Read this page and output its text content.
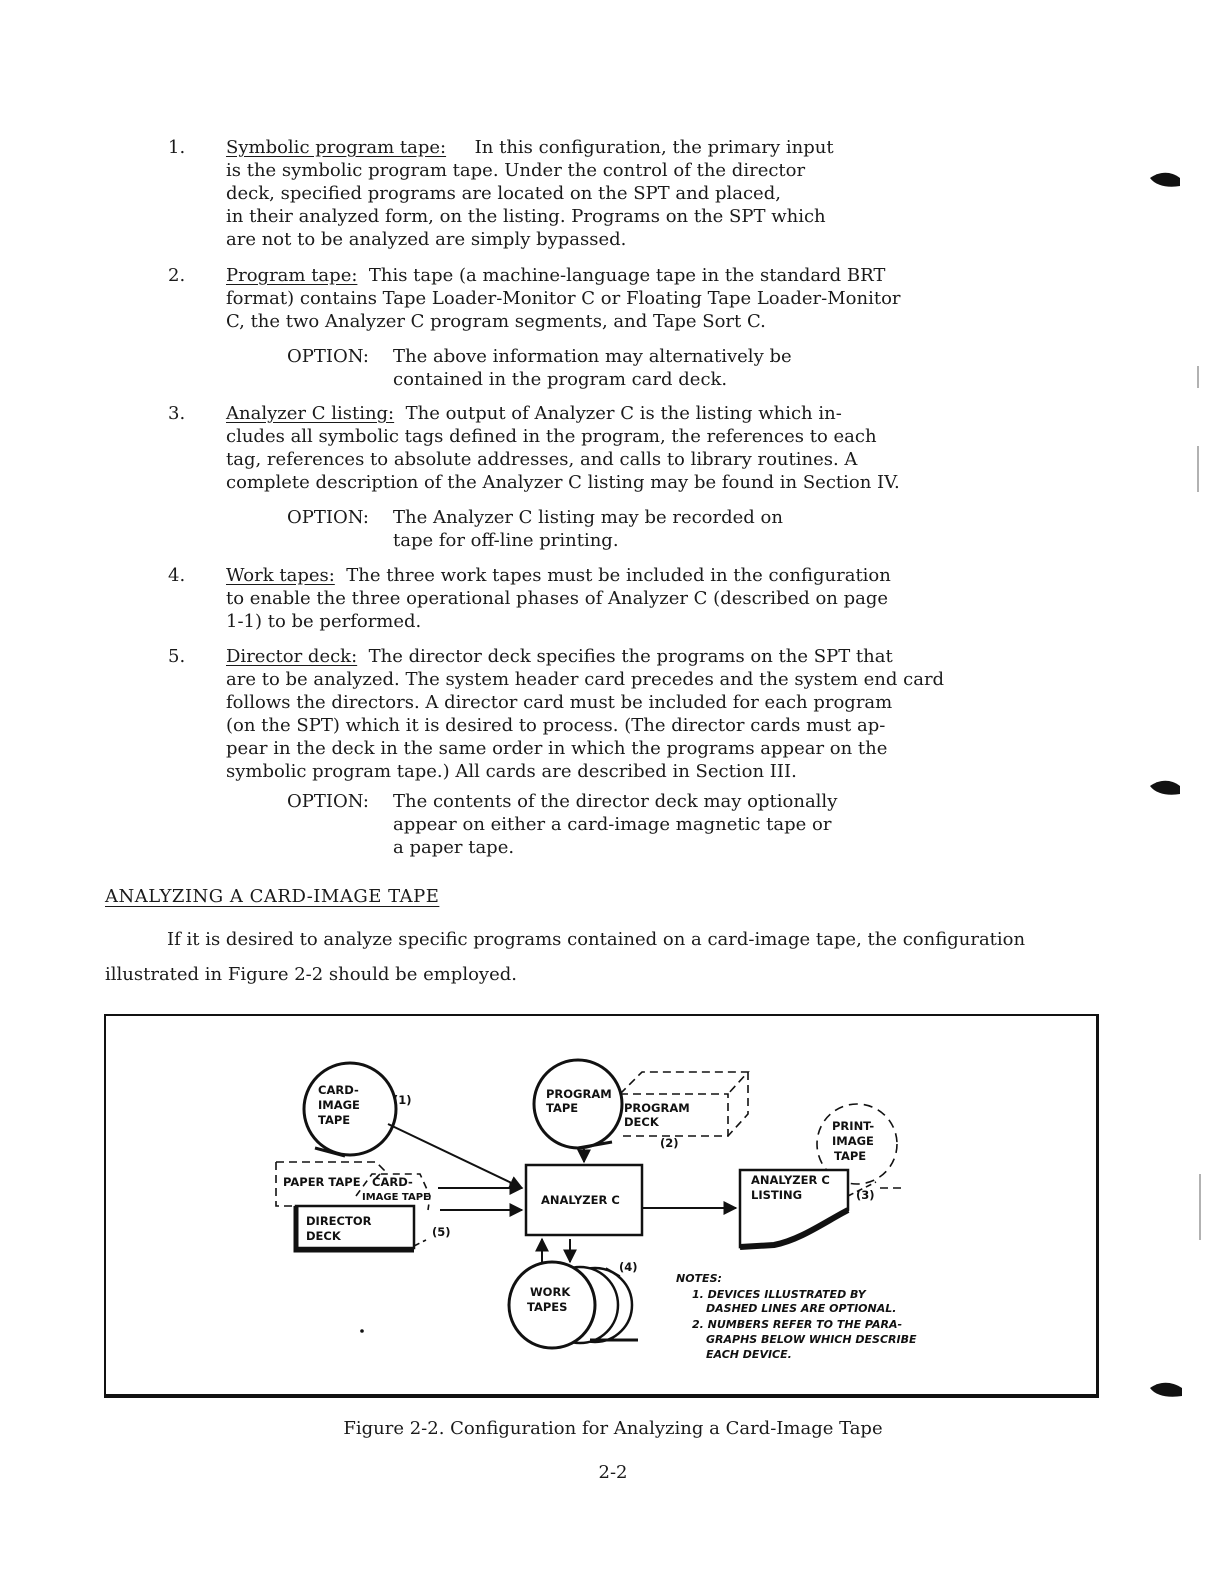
1. Symbolic program tape: In this configuration, the primary input
is the symbolic program tape. Under the control of the director
deck, specified programs are located on the SPT and placed,
in their analyzed form, on the listing. Programs on the SPT which
are not to be analyzed are simply bypassed.
2. Program tape: This tape (a machine-language tape in the standard BRT
format) contains Tape Loader-Monitor C or Floating Tape Loader-Monitor
C, the two Analyzer C program segments, and Tape Sort C.
OPTION: The above information may alternatively be
contained in the program card deck.
3. Analyzer C listing: The output of Analyzer C is the listing which in-
cludes all symbolic tags defined in the program, the references to each
tag, references to absolute addresses, and calls to library routines. A
complete description of the Analyzer C listing may be found in Section IV.
OPTION: The Analyzer C listing may be recorded on
tape for off-line printing.
4. Work tapes: The three work tapes must be included in the configuration
to enable the three operational phases of Analyzer C (described on page
1-1) to be performed.
5. Director deck: The director deck specifies the programs on the SPT that
are to be analyzed. The system header card precedes and the system end card
follows the directors. A director card must be included for each program
(on the SPT) which it is desired to process. (The director cards must ap-
pear in the deck in the same order in which the programs appear on the
symbolic program tape.) All cards are described in Section III.
OPTION: The contents of the director deck may optionally
appear on either a card-image magnetic tape or
a paper tape.
ANALYZING A CARD-IMAGE TAPE
If it is desired to analyze specific programs contained on a card-image tape, the configuration illustrated in Figure 2-2 should be employed.
CARD-
IMAGE
TAPE
(1)	PROGRAM
TAPE	PROGRAM
DECK
(2)
PRINT-
IMAGE
TAPE
PAPER TAPE CARD-
IMAGE TAPE
DIRECTOR
DECK	(5)
ANALYZER C
ANALYZER C
LISTING	(3)
WORK
TAPES
(4)
NOTES:
1. DEVICES ILLUSTRATED BY
DASHED LINES ARE OPTIONAL.
2. NUMBERS REFER TO THE PARA-
GRAPHS BELOW WHICH DESCRIBE
EACH DEVICE.
Figure 2-2. Configuration for Analyzing a Card-Image Tape
2-2
